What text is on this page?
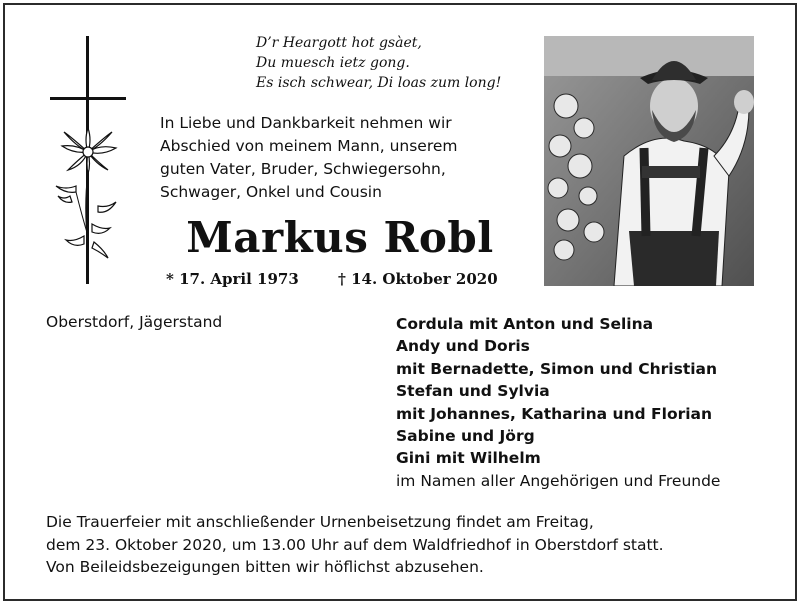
D’r Heargott hot gsàet,
Du muesch ietz gong.
Es isch schwear, Di loas zum long!
In Liebe und Dankbarkeit nehmen wir
Abschied von meinem Mann, unserem
guten Vater, Bruder, Schwiegersohn,
Schwager, Onkel und Cousin
Markus Robl
* 17. April 1973	† 14. Oktober 2020
Oberstdorf, Jägerstand	Cordula mit Anton und Selina
Andy und Doris
mit Bernadette, Simon und Christian
Stefan und Sylvia
mit Johannes, Katharina und Florian
Sabine und Jörg
Gini mit Wilhelm
im Namen aller Angehörigen und Freunde
Die Trauerfeier mit anschließender Urnenbeisetzung findet am Freitag,
dem 23. Oktober 2020, um 13.00 Uhr auf dem Waldfriedhof in Oberstdorf statt.
Von Beileidsbezeigungen bitten wir höflichst abzusehen.
